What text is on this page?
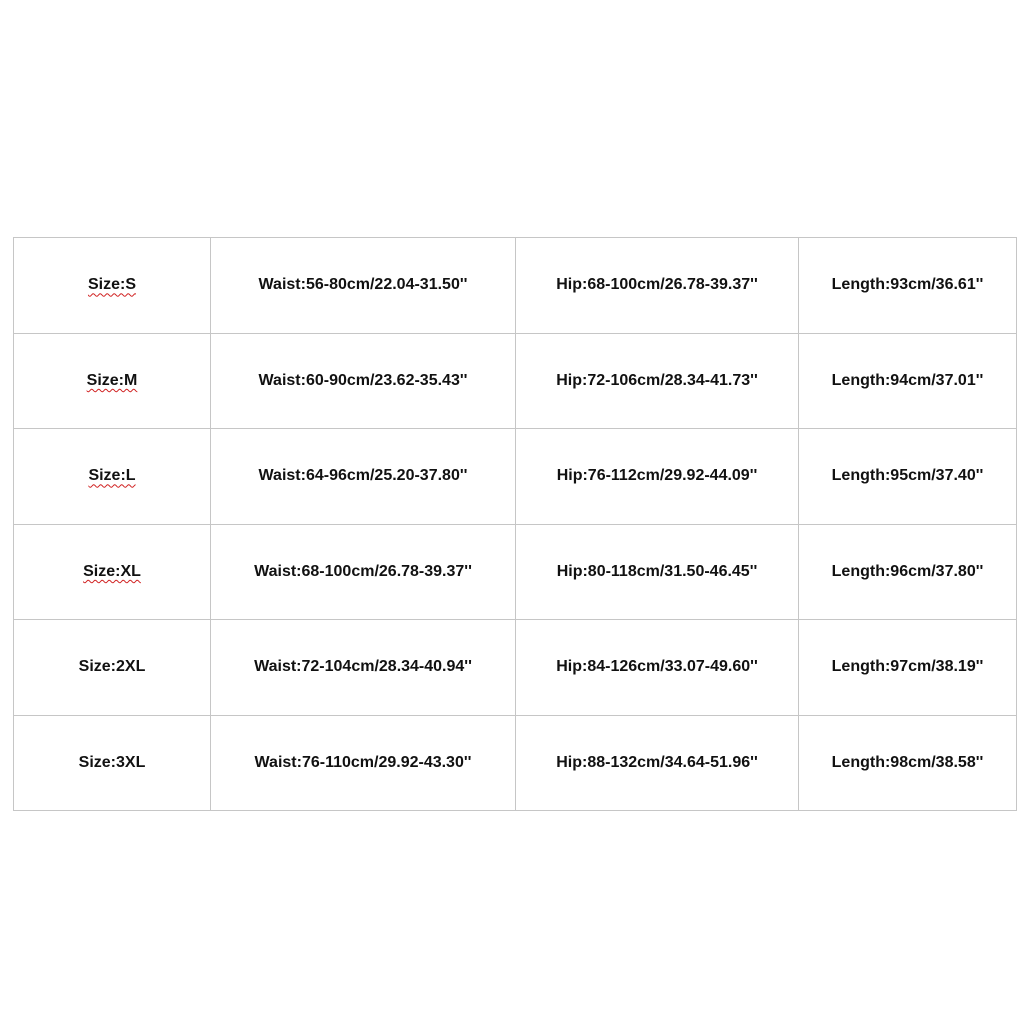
Size:S	Waist:56-80cm/22.04-31.50''	Hip:68-100cm/26.78-39.37''	Length:93cm/36.61''
Size:M	Waist:60-90cm/23.62-35.43''	Hip:72-106cm/28.34-41.73''	Length:94cm/37.01''
Size:L	Waist:64-96cm/25.20-37.80''	Hip:76-112cm/29.92-44.09''	Length:95cm/37.40''
Size:XL	Waist:68-100cm/26.78-39.37''	Hip:80-118cm/31.50-46.45''	Length:96cm/37.80''
Size:2XL	Waist:72-104cm/28.34-40.94''	Hip:84-126cm/33.07-49.60''	Length:97cm/38.19''
Size:3XL	Waist:76-110cm/29.92-43.30''	Hip:88-132cm/34.64-51.96''	Length:98cm/38.58''
